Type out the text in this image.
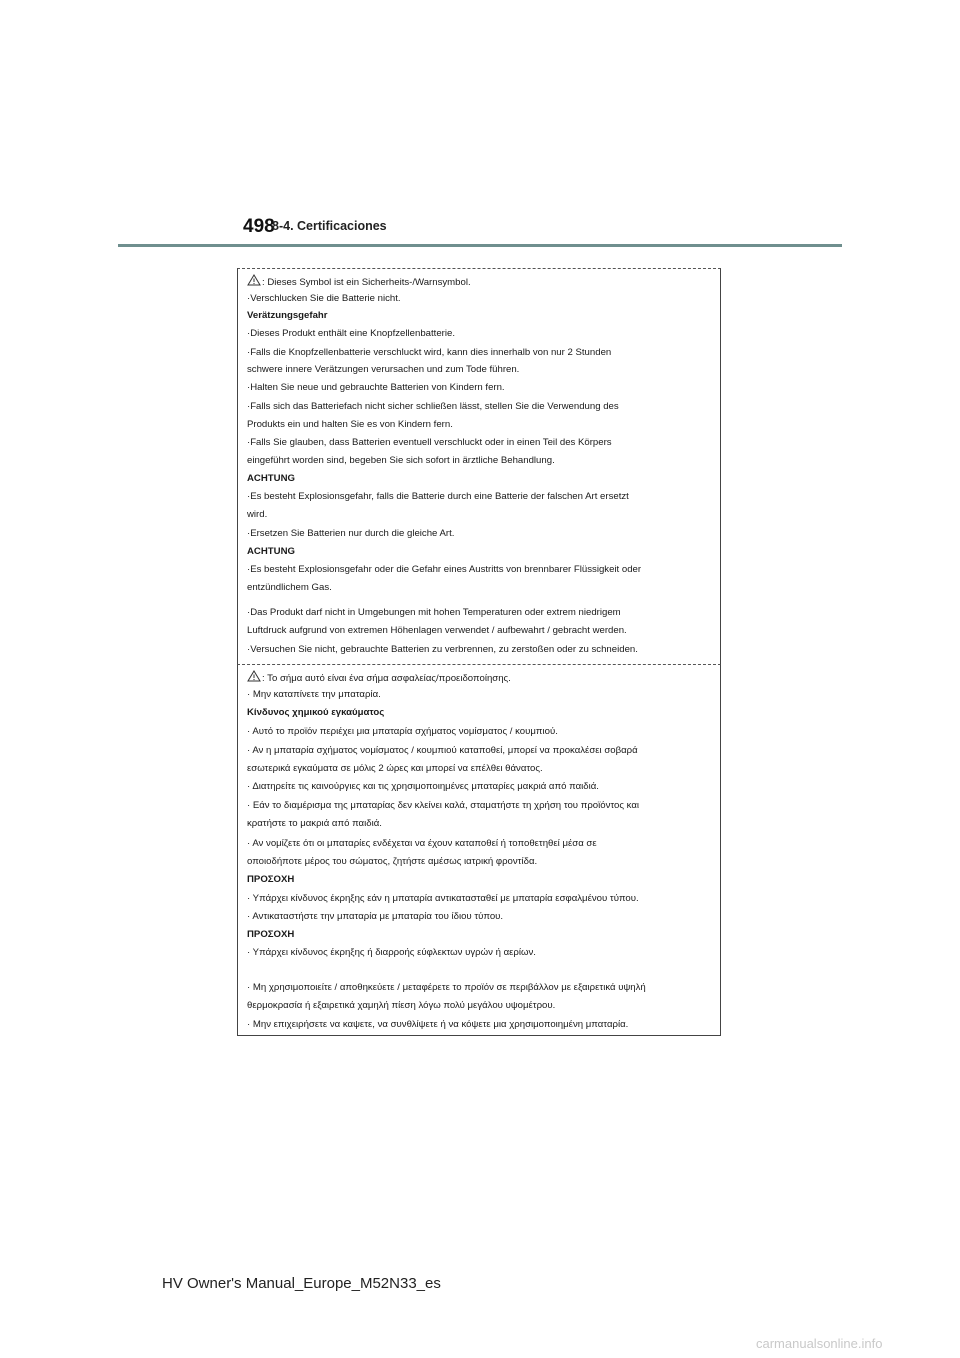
498
8-4. Certificaciones
: Dieses Symbol ist ein Sicherheits-/Warnsymbol.
·Verschlucken Sie die Batterie nicht.
Verätzungsgefahr
·Dieses Produkt enthält eine Knopfzellenbatterie.
·Falls die Knopfzellenbatterie verschluckt wird, kann dies innerhalb von nur 2 Stunden
schwere innere Verätzungen verursachen und zum Tode führen.
·Halten Sie neue und gebrauchte Batterien von Kindern fern.
·Falls sich das Batteriefach nicht sicher schließen lässt, stellen Sie die Verwendung des
Produkts ein und halten Sie es von Kindern fern.
·Falls Sie glauben, dass Batterien eventuell verschluckt oder in einen Teil des Körpers
eingeführt worden sind, begeben Sie sich sofort in ärztliche Behandlung.
ACHTUNG
·Es besteht Explosionsgefahr, falls die Batterie durch eine Batterie der falschen Art ersetzt
wird.
·Ersetzen Sie Batterien nur durch die gleiche Art.
ACHTUNG
·Es besteht Explosionsgefahr oder die Gefahr eines Austritts von brennbarer Flüssigkeit oder
entzündlichem Gas.
·Das Produkt darf nicht in Umgebungen mit hohen Temperaturen oder extrem niedrigem
Luftdruck aufgrund von extremen Höhenlagen verwendet / aufbewahrt / gebracht werden.
·Versuchen Sie nicht, gebrauchte Batterien zu verbrennen, zu zerstoßen oder zu schneiden.
: Το σήμα αυτό είναι ένα σήμα ασφαλείας/προειδοποίησης.
· Μην καταπίνετε την μπαταρία.
Κίνδυνος χημικού εγκαύματος
· Αυτό το προϊόν περιέχει μια μπαταρία σχήματος νομίσματος / κουμπιού.
· Αν η μπαταρία σχήματος νομίσματος / κουμπιού καταποθεί, μπορεί να προκαλέσει σοβαρά
εσωτερικά εγκαύματα σε μόλις 2 ώρες και μπορεί να επέλθει θάνατος.
· Διατηρείτε τις καινούργιες και τις χρησιμοποιημένες μπαταρίες μακριά από παιδιά.
· Εάν το διαμέρισμα της μπαταρίας δεν κλείνει καλά, σταματήστε τη χρήση του προϊόντος και
κρατήστε το μακριά από παιδιά.
· Αν νομίζετε ότι οι μπαταρίες ενδέχεται να έχουν καταποθεί ή τοποθετηθεί μέσα σε
οποιοδήποτε μέρος του σώματος, ζητήστε αμέσως ιατρική φροντίδα.
ΠΡΟΣΟΧΗ
· Υπάρχει κίνδυνος έκρηξης εάν η μπαταρία αντικατασταθεί με μπαταρία εσφαλμένου τύπου.
· Αντικαταστήστε την μπαταρία με μπαταρία του ίδιου τύπου.
ΠΡΟΣΟΧΗ
· Υπάρχει κίνδυνος έκρηξης ή διαρροής εύφλεκτων υγρών ή αερίων.
· Μη χρησιμοποιείτε / αποθηκεύετε / μεταφέρετε το προϊόν σε περιβάλλον με εξαιρετικά υψηλή
θερμοκρασία ή εξαιρετικά χαμηλή πίεση λόγω πολύ μεγάλου υψομέτρου.
· Μην επιχειρήσετε να καψετε, να συνθλίψετε ή να κόψετε μια χρησιμοποιημένη μπαταρία.
HV Owner's Manual_Europe_M52N33_es
carmanualsonline.info
